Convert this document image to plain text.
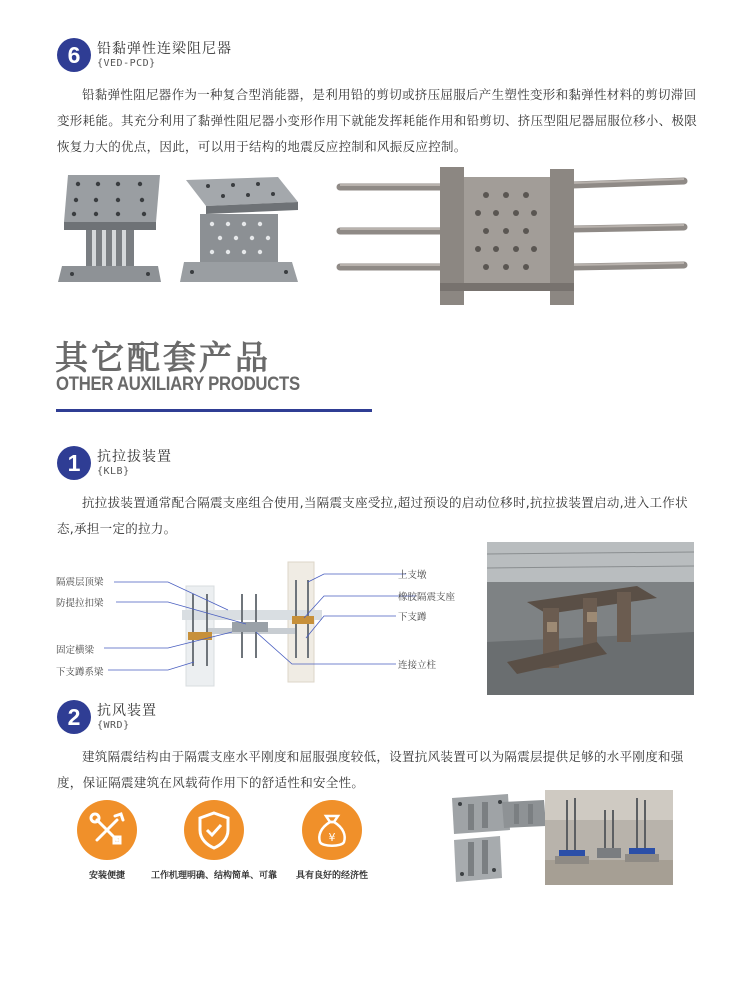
6	铅黏弹性连梁阻尼器
{VED-PCD}
铅黏弹性阻尼器作为一种复合型消能器，是利用铅的剪切或挤压屈服后产生塑性变形和黏弹性材料的剪切滞回变形耗能。其充分利用了黏弹性阻尼器小变形作用下就能发挥耗能作用和铅剪切、挤压型阻尼器屈服位移小、极限恢复力大的优点，因此，可以用于结构的地震反应控制和风振反应控制。
其它配套产品
OTHER AUXILIARY PRODUCTS
1	抗拉拔装置
{KLB}
抗拉拔装置通常配合隔震支座组合使用,当隔震支座受拉,超过预设的启动位移时,抗拉拔装置启动,进入工作状态,承担一定的拉力。
隔震层顶梁
防提拉扣梁
固定横梁
下支蹲系梁
上支墩
橡胶隔震支座
下支蹲
连接立柱
2	抗风装置
{WRD}
建筑隔震结构由于隔震支座水平刚度和屈服强度较低，设置抗风装置可以为隔震层提供足够的水平刚度和强度，保证隔震建筑在风载荷作用下的舒适性和安全性。
¥
安装便捷	工作机理明确、结构简单、可靠	具有良好的经济性
